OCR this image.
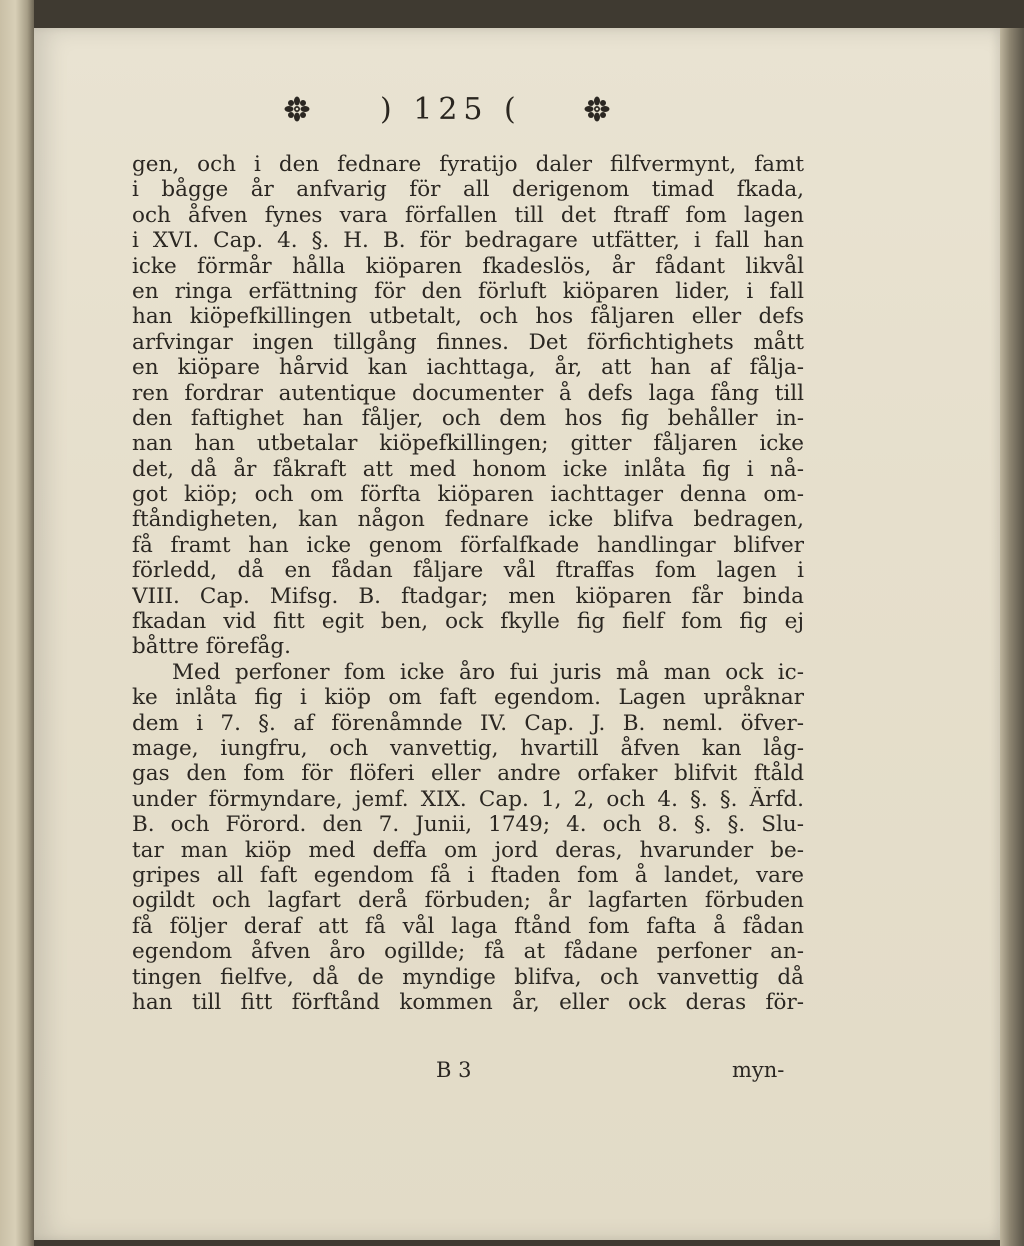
) 125 (
gen, och i den fednare fyratijo daler filfvermynt, famt
i bågge år anfvarig för all derigenom timad fkada,
och åfven fynes vara förfallen till det ftraff fom lagen
i XVI. Cap. 4. §. H. B. för bedragare utfätter, i fall han
icke förmår hålla kiöparen fkadeslös, år fådant likvål
en ringa erfättning för den förluft kiöparen lider, i fall
han kiöpefkillingen utbetalt, och hos fåljaren eller defs
arfvingar ingen tillgång finnes. Det förfichtighets mått
en kiöpare hårvid kan iachttaga, år, att han af fålja-
ren fordrar autentique documenter å defs laga fång till
den faftighet han fåljer, och dem hos fig behåller in-
nan han utbetalar kiöpefkillingen; gitter fåljaren icke
det, då år fåkraft att med honom icke inlåta fig i nå-
got kiöp; och om förfta kiöparen iachttager denna om-
ftåndigheten, kan någon fednare icke blifva bedragen,
få framt han icke genom förfalfkade handlingar blifver
förledd, då en fådan fåljare vål ftraffas fom lagen i
VIII. Cap. Mifsg. B. ftadgar; men kiöparen får binda
fkadan vid fitt egit ben, ock fkylle fig fielf fom fig ej
båttre förefåg.
Med perfoner fom icke åro fui juris må man ock ic-
ke inlåta fig i kiöp om faft egendom. Lagen upråknar
dem i 7. §. af förenåmnde IV. Cap. J. B. neml. öfver-
mage, iungfru, och vanvettig, hvartill åfven kan låg-
gas den fom för flöferi eller andre orfaker blifvit ftåld
under förmyndare, jemf. XIX. Cap. 1, 2, och 4. §. §. Ärfd.
B. och Förord. den 7. Junii, 1749; 4. och 8. §. §. Slu-
tar man kiöp med deffa om jord deras, hvarunder be-
gripes all faft egendom få i ftaden fom å landet, vare
ogildt och lagfart derå förbuden; år lagfarten förbuden
få följer deraf att få vål laga ftånd fom fafta å fådan
egendom åfven åro ogillde; få at fådane perfoner an-
tingen fielfve, då de myndige blifva, och vanvettig då
han till fitt förftånd kommen år, eller ock deras för-
B 3	myn-
